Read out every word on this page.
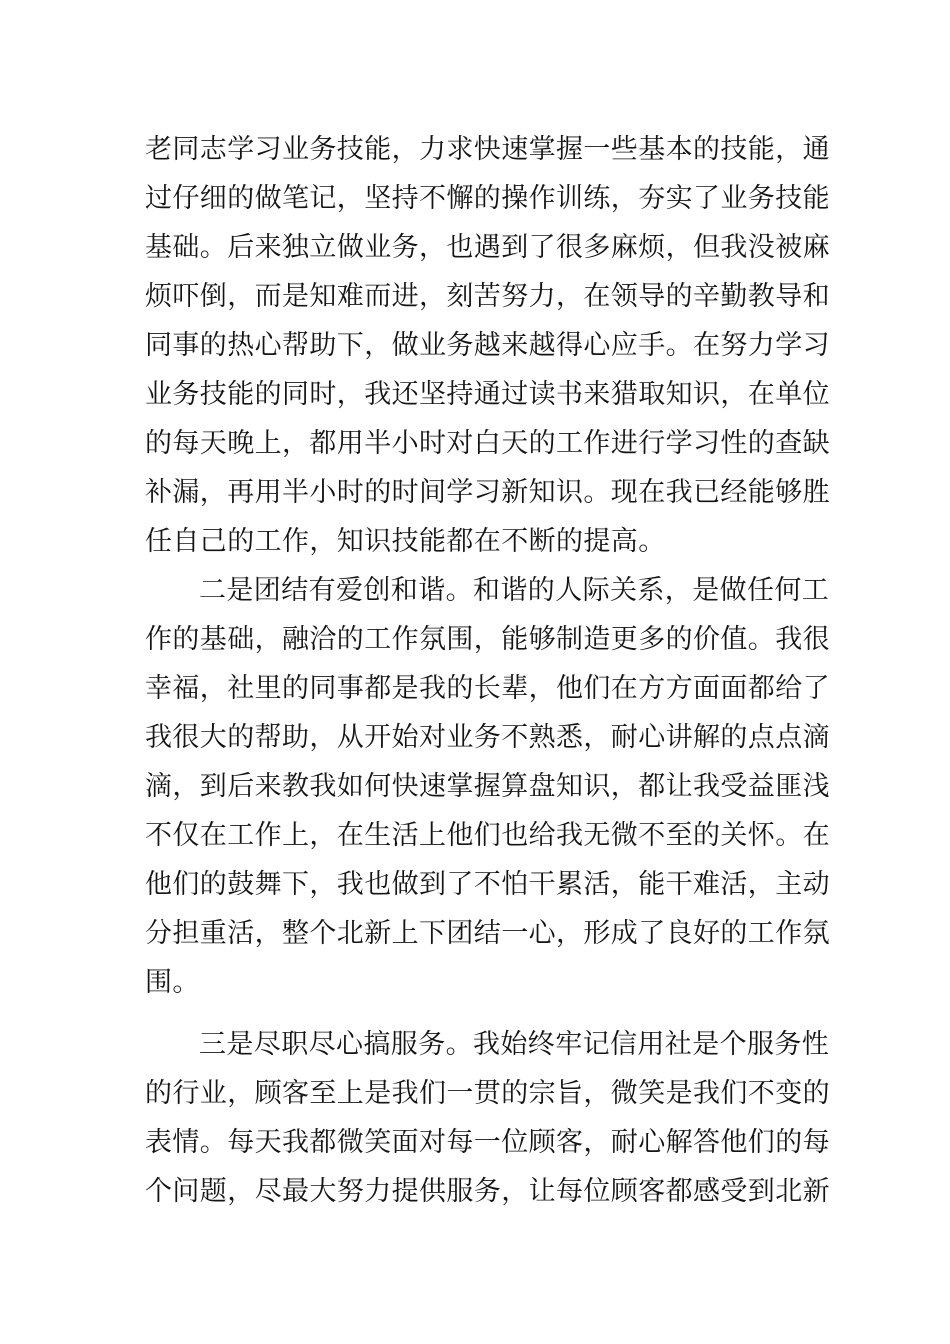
老同志学习业务技能，力求快速掌握一些基本的技能，通
过仔细的做笔记，坚持不懈的操作训练，夯实了业务技能
基础。后来独立做业务，也遇到了很多麻烦，但我没被麻
烦吓倒，而是知难而进，刻苦努力，在领导的辛勤教导和
同事的热心帮助下，做业务越来越得心应手。在努力学习
业务技能的同时，我还坚持通过读书来猎取知识，在单位
的每天晚上，都用半小时对白天的工作进行学习性的查缺
补漏，再用半小时的时间学习新知识。现在我已经能够胜
任自己的工作，知识技能都在不断的提高。
二是团结有爱创和谐。和谐的人际关系，是做任何工
作的基础，融洽的工作氛围，能够制造更多的价值。我很
幸福，社里的同事都是我的长辈，他们在方方面面都给了
我很大的帮助，从开始对业务不熟悉，耐心讲解的点点滴
滴，到后来教我如何快速掌握算盘知识，都让我受益匪浅
不仅在工作上，在生活上他们也给我无微不至的关怀。在
他们的鼓舞下，我也做到了不怕干累活，能干难活，主动
分担重活，整个北新上下团结一心，形成了良好的工作氛
围。
三是尽职尽心搞服务。我始终牢记信用社是个服务性
的行业，顾客至上是我们一贯的宗旨，微笑是我们不变的
表情。每天我都微笑面对每一位顾客，耐心解答他们的每
个问题，尽最大努力提供服务，让每位顾客都感受到北新
